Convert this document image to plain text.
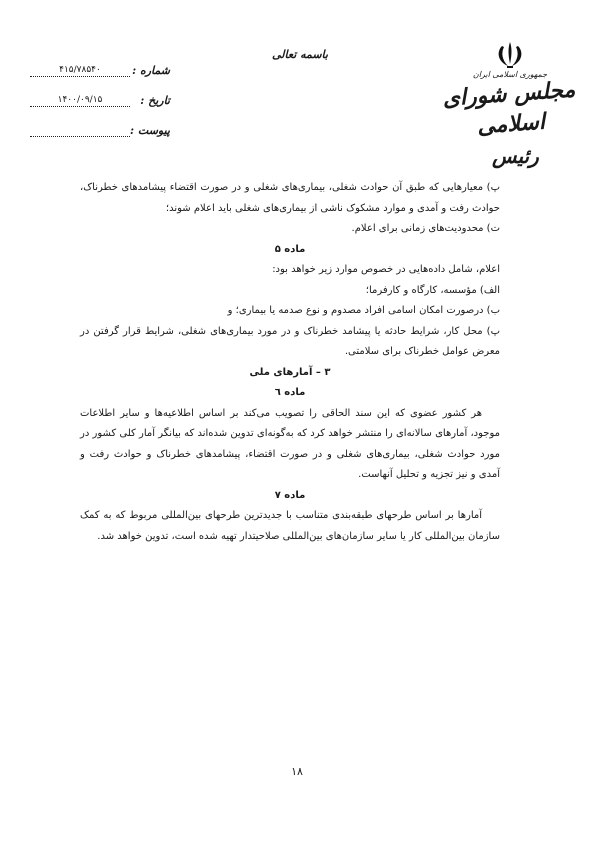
جمهوری اسلامی ایران
مجلس شورای اسلامی
رئیس
باسمه تعالی
شماره :
۴۱۵/۷۸۵۴۰
تاریخ :
۱۴۰۰/۰۹/۱۵
پیوست :

پ) معیارهایی که طبق آن حوادث شغلی، بیماری‌های شغلی و در صورت اقتضاء پیشامدهای خطرناک، حوادث رفت و آمدی و موارد مشکوک ناشی از بیماری‌های شغلی باید اعلام شوند؛

ت) محدودیت‌های زمانی برای اعلام.

ماده ۵

اعلام، شامل داده‌هایی در خصوص موارد زیر خواهد بود:

الف) مؤسسه، کارگاه و کارفرما؛

ب) درصورت امکان اسامی افراد مصدوم و نوع صدمه یا بیماری؛ و

پ) محل کار، شرایط حادثه یا پیشامد خطرناک و در مورد بیماری‌های شغلی، شرایط قرار گرفتن در معرض عوامل خطرناک برای سلامتی.

۳ – آمارهای ملی

ماده ٦

هر کشور عضوی که این سند الحاقی را تصویب می‌کند بر اساس اطلاعیه‌ها و سایر اطلاعات موجود، آمارهای سالانه‌ای را منتشر خواهد کرد که به‌گونه‌ای تدوین شده‌اند که بیانگر آمار کلی کشور در مورد حوادث شغلی، بیماری‌های شغلی و در صورت اقتضاء، پیشامدهای خطرناک و حوادث رفت و آمدی و نیز تجزیه و تحلیل آنهاست.

ماده ۷

آمارها بر اساس طرحهای طبقه‌بندی متناسب با جدیدترین طرحهای بین‌المللی مربوط که به کمک سازمان بین‌المللی کار یا سایر سازمان‌های بین‌المللی صلاحیتدار تهیه شده است، تدوین خواهد شد.

۱۸
